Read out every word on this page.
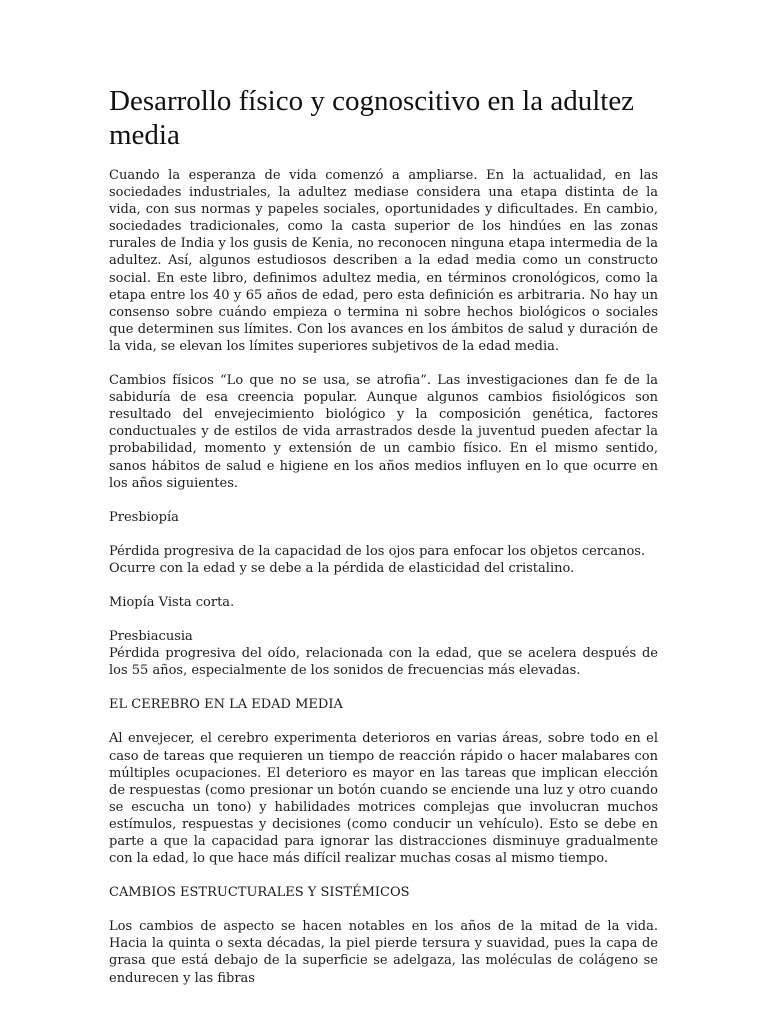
Desarrollo físico y cognoscitivo en la adultez media

Cuando la esperanza de vida comenzó a ampliarse. En la actualidad, en las sociedades industriales, la adultez mediase considera una etapa distinta de la vida, con sus normas y papeles sociales, oportunidades y dificultades. En cambio, sociedades tradicionales, como la casta superior de los hindúes en las zonas rurales de India y los gusis de Kenia, no reconocen ninguna etapa intermedia de la adultez. Así, algunos estudiosos describen a la edad media como un constructo social. En este libro, definimos adultez media, en términos cronológicos, como la etapa entre los 40 y 65 años de edad, pero esta definición es arbitraria. No hay un consenso sobre cuándo empieza o termina ni sobre hechos biológicos o sociales que determinen sus límites. Con los avances en los ámbitos de salud y duración de la vida, se elevan los límites superiores subjetivos de la edad media.

Cambios físicos “Lo que no se usa, se atrofia”. Las investigaciones dan fe de la sabiduría de esa creencia popular. Aunque algunos cambios fisiológicos son resultado del envejecimiento biológico y la composición genética, factores conductuales y de estilos de vida arrastrados desde la juventud pueden afectar la probabilidad, momento y extensión de un cambio físico. En el mismo sentido, sanos hábitos de salud e higiene en los años medios influyen en lo que ocurre en los años siguientes.

Presbiopía

Pérdida progresiva de la capacidad de los ojos para enfocar los objetos cercanos. Ocurre con la edad y se debe a la pérdida de elasticidad del cristalino.

Miopía Vista corta.

Presbiacusia

Pérdida progresiva del oído, relacionada con la edad, que se acelera después de los 55 años, especialmente de los sonidos de frecuencias más elevadas.

EL CEREBRO EN LA EDAD MEDIA

Al envejecer, el cerebro experimenta deterioros en varias áreas, sobre todo en el caso de tareas que requieren un tiempo de reacción rápido o hacer malabares con múltiples ocupaciones. El deterioro es mayor en las tareas que implican elección de respuestas (como presionar un botón cuando se enciende una luz y otro cuando se escucha un tono) y habilidades motrices complejas que involucran muchos estímulos, respuestas y decisiones (como conducir un vehículo). Esto se debe en parte a que la capacidad para ignorar las distracciones disminuye gradualmente con la edad, lo que hace más difícil realizar muchas cosas al mismo tiempo.

CAMBIOS ESTRUCTURALES Y SISTÉMICOS

Los cambios de aspecto se hacen notables en los años de la mitad de la vida. Hacia la quinta o sexta décadas, la piel pierde tersura y suavidad, pues la capa de grasa que está debajo de la superficie se adelgaza, las moléculas de colágeno se endurecen y las fibras
